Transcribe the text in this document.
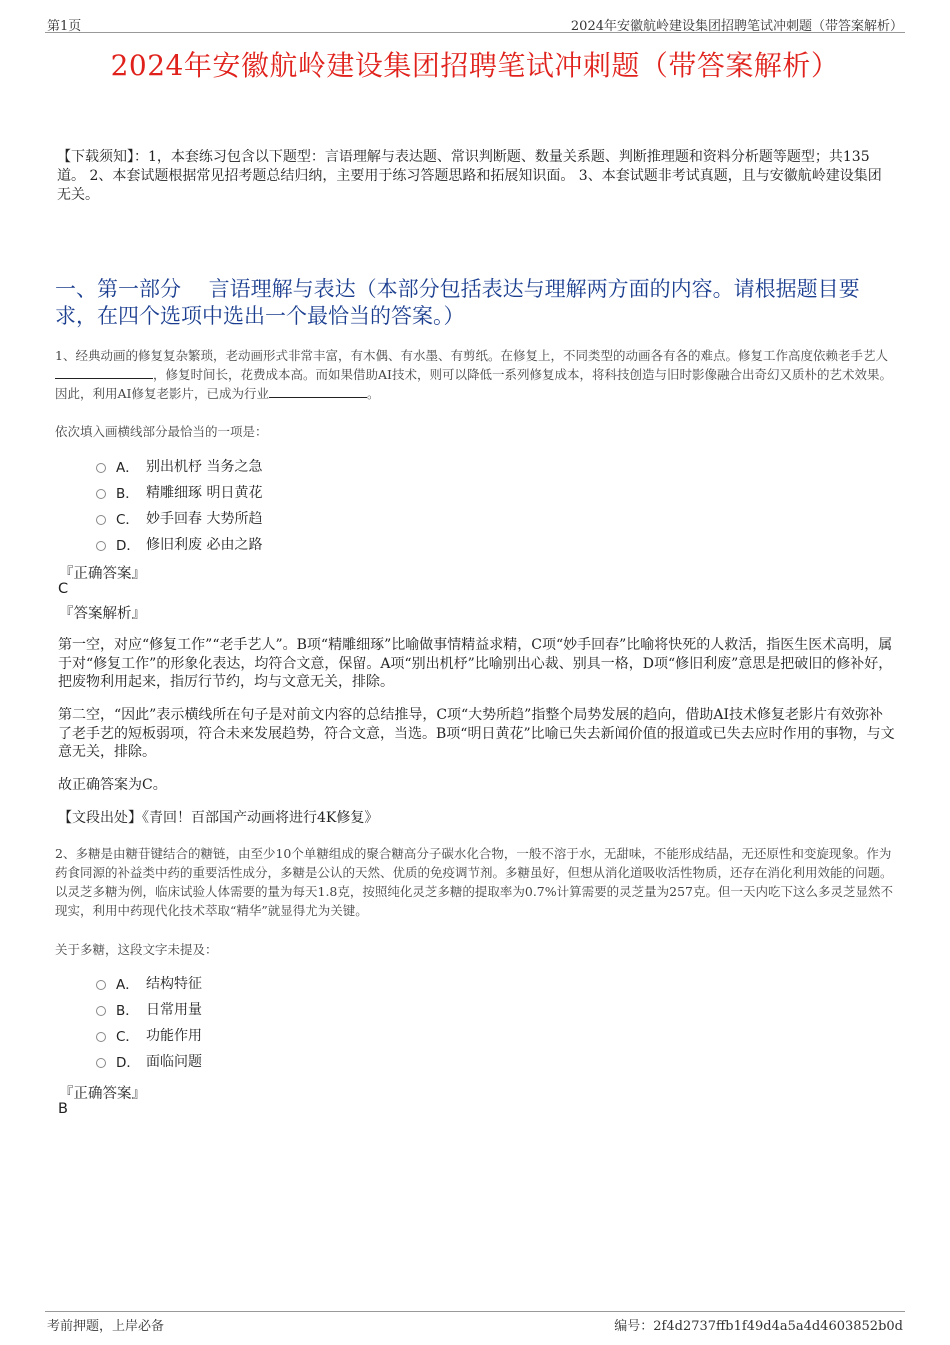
第1页	2024年安徽航岭建设集团招聘笔试冲刺题（带答案解析）
2024年安徽航岭建设集团招聘笔试冲刺题（带答案解析）
【下载须知】：1，本套练习包含以下题型：言语理解与表达题、常识判断题、数量关系题、判断推理题和资料分析题等题型；共135道。 2、本套试题根据常见招考题总结归纳，主要用于练习答题思路和拓展知识面。 3、本套试题非考试真题，且与安徽航岭建设集团无关。
一、第一部分　 言语理解与表达（本部分包括表达与理解两方面的内容。请根据题目要求，在四个选项中选出一个最恰当的答案。）
1、经典动画的修复复杂繁琐，老动画形式非常丰富，有木偶、有水墨、有剪纸。在修复上，不同类型的动画各有各的难点。修复工作高度依赖老手艺人，修复时间长，花费成本高。而如果借助AI技术，则可以降低一系列修复成本，将科技创造与旧时影像融合出奇幻又质朴的艺术效果。因此，利用AI修复老影片，已成为行业	。
依次填入画横线部分最恰当的一项是：
A． 别出机杼 当务之急
B． 精雕细琢 明日黄花
C． 妙手回春 大势所趋
D． 修旧利废 必由之路
『正确答案』
C
『答案解析』
第一空，对应“修复工作”“老手艺人”。B项“精雕细琢”比喻做事情精益求精，C项“妙手回春”比喻将快死的人救活，指医生医术高明，属于对“修复工作”的形象化表达，均符合文意，保留。A项“别出机杼”比喻别出心裁、别具一格，D项“修旧利废”意思是把破旧的修补好，把废物利用起来，指厉行节约，均与文意无关，排除。
第二空，“因此”表示横线所在句子是对前文内容的总结推导，C项“大势所趋”指整个局势发展的趋向，借助AI技术修复老影片有效弥补了老手艺的短板弱项，符合未来发展趋势，符合文意，当选。B项“明日黄花”比喻已失去新闻价值的报道或已失去应时作用的事物，与文意无关，排除。
故正确答案为C。
【文段出处】《青回！百部国产动画将进行4K修复》
2、多糖是由糖苷键结合的糖链，由至少10个单糖组成的聚合糖高分子碳水化合物，一般不溶于水，无甜味，不能形成结晶，无还原性和变旋现象。作为药食同源的补益类中药的重要活性成分，多糖是公认的天然、优质的免疫调节剂。多糖虽好，但想从消化道吸收活性物质，还存在消化利用效能的问题。以灵芝多糖为例，临床试验人体需要的量为每天1.8克，按照纯化灵芝多糖的提取率为0.7%计算需要的灵芝量为257克。但一天内吃下这么多灵芝显然不现实，利用中药现代化技术萃取“精华”就显得尤为关键。
关于多糖，这段文字未提及：
A． 结构特征
B． 日常用量
C． 功能作用
D． 面临问题
『正确答案』
B
考前押题，上岸必备	编号：2f4d2737ffb1f49d4a5a4d4603852b0d
